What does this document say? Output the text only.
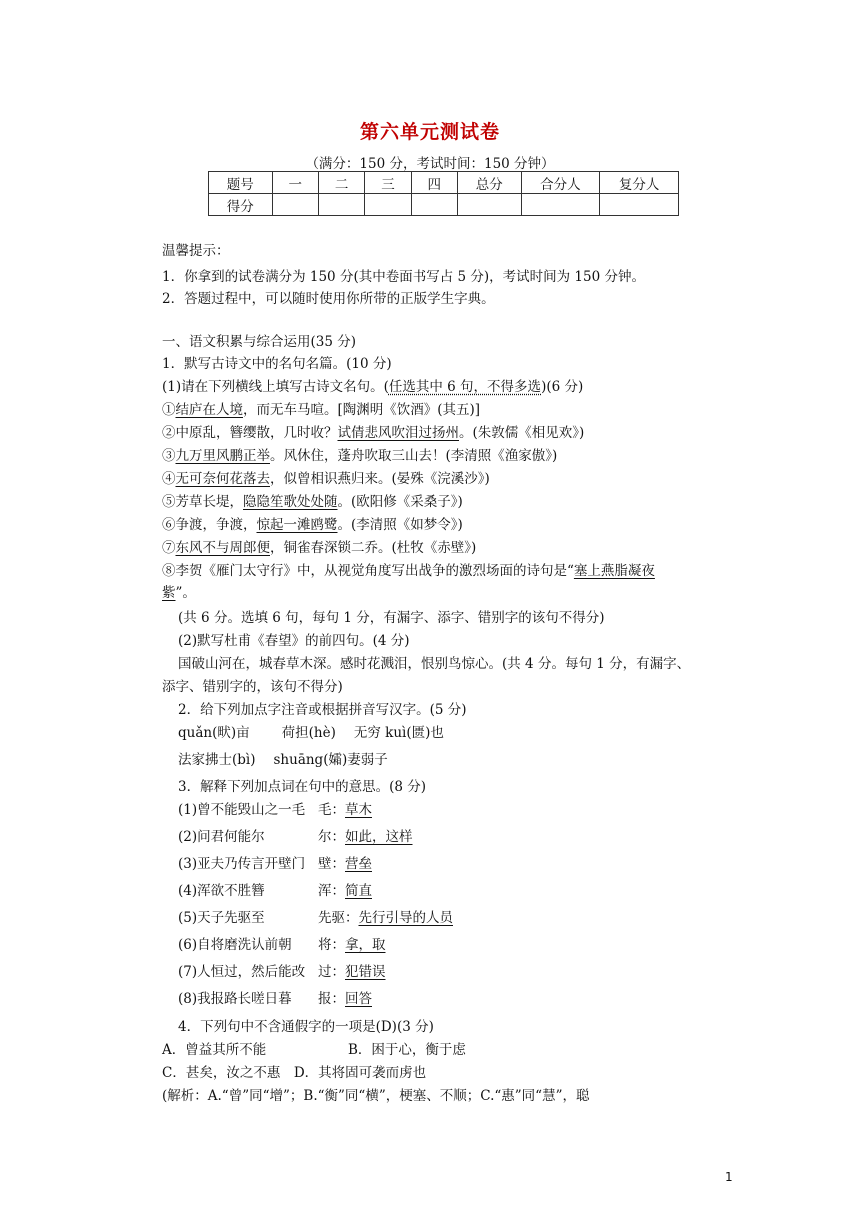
第六单元测试卷
（满分：150 分，考试时间：150 分钟）
题号	一	二	三	四	总分	合分人	复分人
得分							
温馨提示：
1．你拿到的试卷满分为 150 分(其中卷面书写占 5 分)，考试时间为 150 分钟。
2．答题过程中，可以随时使用你所带的正版学生字典。
一、语文积累与综合运用(35 分)
1．默写古诗文中的名句名篇。(10 分)
(1)请在下列横线上填写古诗文名句。(任选其中 6 句，不得多选)(6 分)
①结庐在人境，而无车马喧。[陶渊明《饮酒》(其五)]
②中原乱，簪缨散，几时收？试倩悲风吹泪过扬州。(朱敦儒《相见欢》)
③九万里风鹏正举。风休住，蓬舟吹取三山去！(李清照《渔家傲》)
④无可奈何花落去，似曾相识燕归来。(晏殊《浣溪沙》)
⑤芳草长堤，隐隐笙歌处处随。(欧阳修《采桑子》)
⑥争渡，争渡，惊起一滩鸥鹭。(李清照《如梦令》)
⑦东风不与周郎便，铜雀春深锁二乔。(杜牧《赤壁》)
⑧李贺《雁门太守行》中，从视觉角度写出战争的激烈场面的诗句是“塞上燕脂凝夜
紫”。
(共 6 分。选填 6 句，每句 1 分，有漏字、添字、错别字的该句不得分)
(2)默写杜甫《春望》的前四句。(4 分)
国破山河在，城春草木深。感时花溅泪，恨别鸟惊心。(共 4 分。每句 1 分，有漏字、
添字、错别字的，该句不得分)
2．给下列加点字注音或根据拼音写汉字。(5 分)
quǎn(畎)亩 荷担(hè) 无穷 kuì(匮)也
法家拂士(bì) shuāng(孀)妻弱子
3．解释下列加点词在句中的意思。(8 分)
(1)曾不能毁山之一毛 毛：草木
(2)问君何能尔	尔：如此，这样
(3)亚夫乃传言开壁门 壁：营垒
(4)浑欲不胜簪	浑：简直
(5)天子先驱至	先驱：先行引导的人员
(6)自将磨洗认前朝 将：拿，取
(7)人恒过，然后能改 过：犯错误
(8)我报路长嗟日暮 报：回答
4．下列句中不含通假字的一项是(D)(3 分)
A．曾益其所不能	B．困于心，衡于虑
C．甚矣，汝之不惠　D．其将固可袭而虏也
(解析：A.“曾”同“增”；B.“衡”同“横”，梗塞、不顺；C.“惠”同“慧”，聪
1
